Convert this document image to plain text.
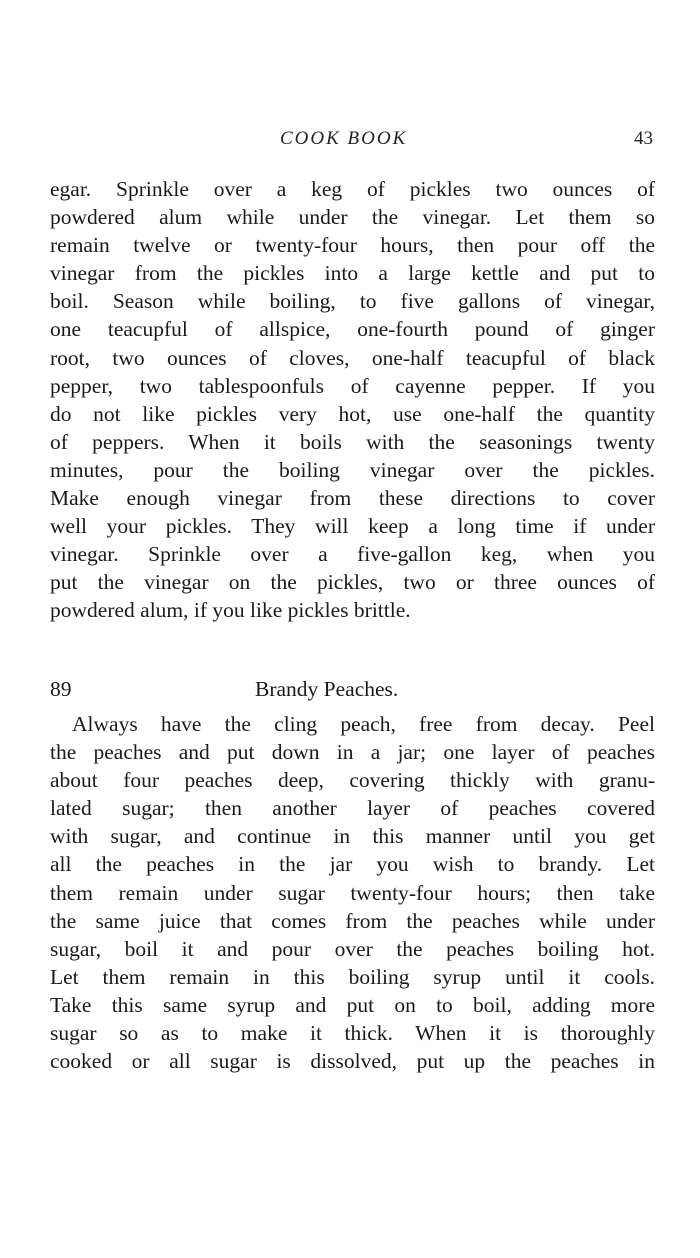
COOK BOOK	43
egar. Sprinkle over a keg of pickles two ounces of
powdered alum while under the vinegar. Let them so
remain twelve or twenty-four hours, then pour off the
vinegar from the pickles into a large kettle and put to
boil. Season while boiling, to five gallons of vinegar,
one teacupful of allspice, one-fourth pound of ginger
root, two ounces of cloves, one-half teacupful of black
pepper, two tablespoonfuls of cayenne pepper. If you
do not like pickles very hot, use one-half the quantity
of peppers. When it boils with the seasonings twenty
minutes, pour the boiling vinegar over the pickles.
Make enough vinegar from these directions to cover
well your pickles. They will keep a long time if under
vinegar. Sprinkle over a five-gallon keg, when you
put the vinegar on the pickles, two or three ounces of
powdered alum, if you like pickles brittle.
89	Brandy Peaches.
Always have the cling peach, free from decay. Peel
the peaches and put down in a jar; one layer of peaches
about four peaches deep, covering thickly with granu-
lated sugar; then another layer of peaches covered
with sugar, and continue in this manner until you get
all the peaches in the jar you wish to brandy. Let
them remain under sugar twenty-four hours; then take
the same juice that comes from the peaches while under
sugar, boil it and pour over the peaches boiling hot.
Let them remain in this boiling syrup until it cools.
Take this same syrup and put on to boil, adding more
sugar so as to make it thick. When it is thoroughly
cooked or all sugar is dissolved, put up the peaches in
